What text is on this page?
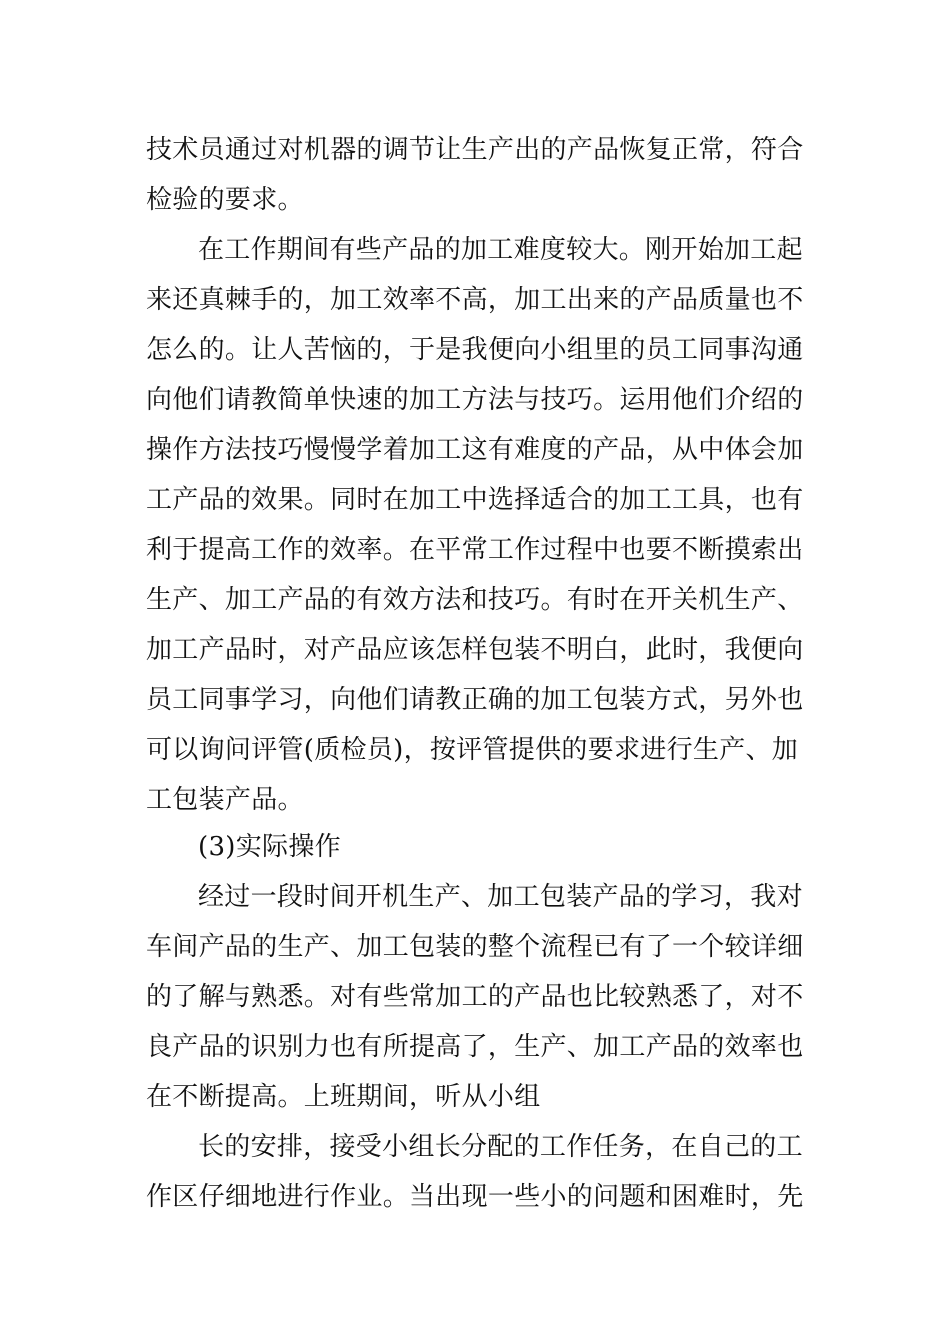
技术员通过对机器的调节让生产出的产品恢复正常，符合
检验的要求。
在工作期间有些产品的加工难度较大。刚开始加工起
来还真棘手的，加工效率不高，加工出来的产品质量也不
怎么的。让人苦恼的，于是我便向小组里的员工同事沟通
向他们请教简单快速的加工方法与技巧。运用他们介绍的
操作方法技巧慢慢学着加工这有难度的产品，从中体会加
工产品的效果。同时在加工中选择适合的加工工具，也有
利于提高工作的效率。在平常工作过程中也要不断摸索出
生产、加工产品的有效方法和技巧。有时在开关机生产、
加工产品时，对产品应该怎样包装不明白，此时，我便向
员工同事学习，向他们请教正确的加工包装方式，另外也
可以询问评管(质检员)，按评管提供的要求进行生产、加
工包装产品。
(3)实际操作
经过一段时间开机生产、加工包装产品的学习，我对
车间产品的生产、加工包装的整个流程已有了一个较详细
的了解与熟悉。对有些常加工的产品也比较熟悉了，对不
良产品的识别力也有所提高了，生产、加工产品的效率也
在不断提高。上班期间，听从小组
长的安排，接受小组长分配的工作任务，在自己的工
作区仔细地进行作业。当出现一些小的问题和困难时，先
